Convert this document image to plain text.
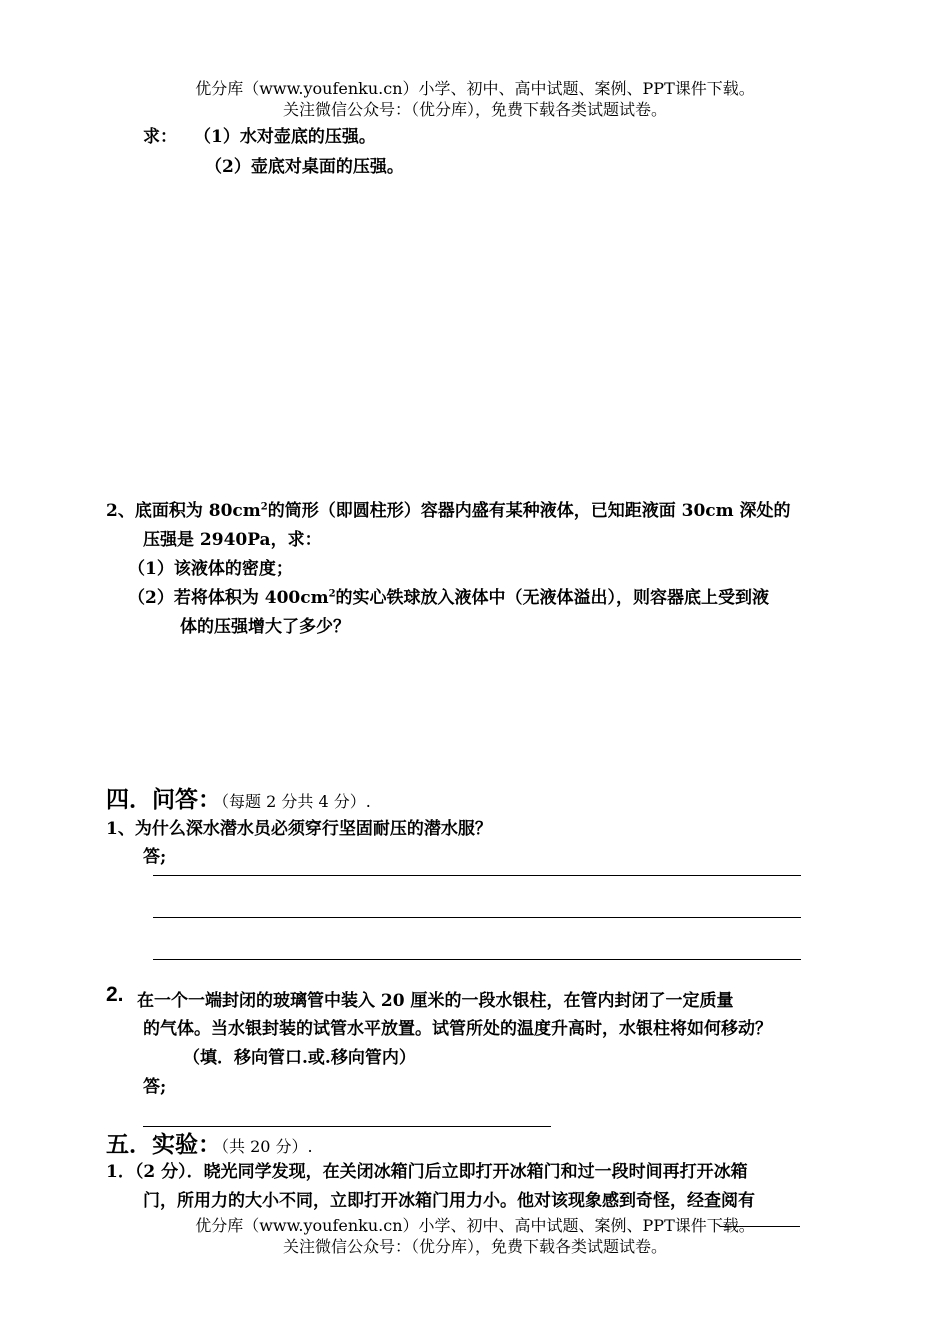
优分库（www.youfenku.cn）小学、初中、高中试题、案例、PPT课件下载。
关注微信公众号：（优分库），免费下载各类试题试卷。
求： （1）水对壶底的压强。
（2）壶底对桌面的压强。
2、底面积为 $80cm^2$的筒形（即圆柱形）容器内盛有某种液体，已知距液面 30cm 深处的
压强是 2940Pa，求：
（1）该液体的密度；
（2）若将体积为 $400cm^2$的实心铁球放入液体中（无液体溢出），则容器底上受到液
体的压强增大了多少？
四．问答：（每题 2 分共 4 分）.
1、为什么深水潜水员必须穿行坚固耐压的潜水服？
答;
2. 在一个一端封闭的玻璃管中装入 20 厘米的一段水银柱，在管内封闭了一定质量
的气体。当水银封装的试管水平放置。试管所处的温度升高时，水银柱将如何移动？
（填．移向管口.或.移向管内）
答;
五．实验：（共 20 分）.
1．（2 分）．晓光同学发现，在关闭冰箱门后立即打开冰箱门和过一段时间再打开冰箱
门，所用力的大小不同，立即打开冰箱门用力小。他对该现象感到奇怪，经查阅有
优分库（www.youfenku.cn）小学、初中、高中试题、案例、PPT课件下载。
关注微信公众号：（优分库），免费下载各类试题试卷。
